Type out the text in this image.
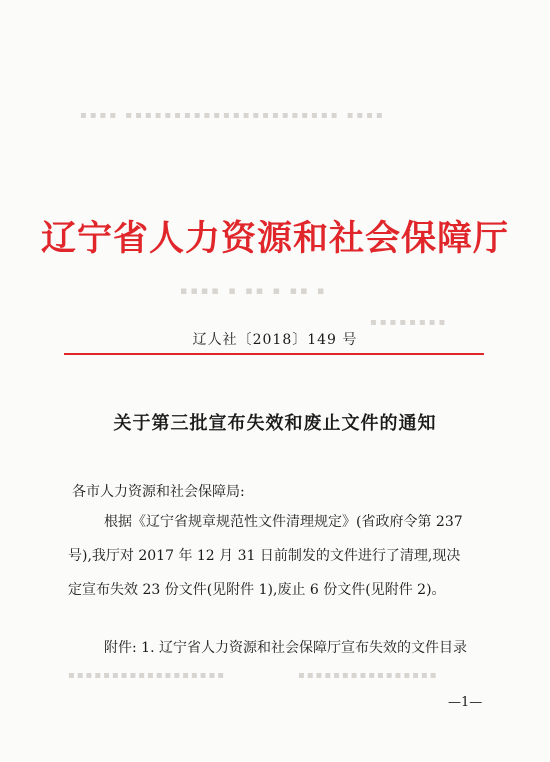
▪▪▪▪ ▪▪▪▪▪▪▪▪▪▪▪▪▪▪▪▪▪▪▪▪▪▪ ▪▪▪▪
▪▪▪▪ ▪ ▪▪ ▪ ▪▪ ▪
▪▪▪▪▪▪▪▪
▪▪▪▪▪▪▪▪▪▪▪▪▪▪▪▪▪▪	▪▪▪▪▪▪▪▪▪▪▪▪▪▪▪▪
辽宁省人力资源和社会保障厅
辽人社〔2018〕149 号
关于第三批宣布失效和废止文件的通知
各市人力资源和社会保障局:
根据《辽宁省规章规范性文件清理规定》(省政府令第 237
号),我厅对 2017 年 12 月 31 日前制发的文件进行了清理,现决
定宣布失效 23 份文件(见附件 1),废止 6 份文件(见附件 2)。
附件: 1. 辽宁省人力资源和社会保障厅宣布失效的文件目录
—1—
